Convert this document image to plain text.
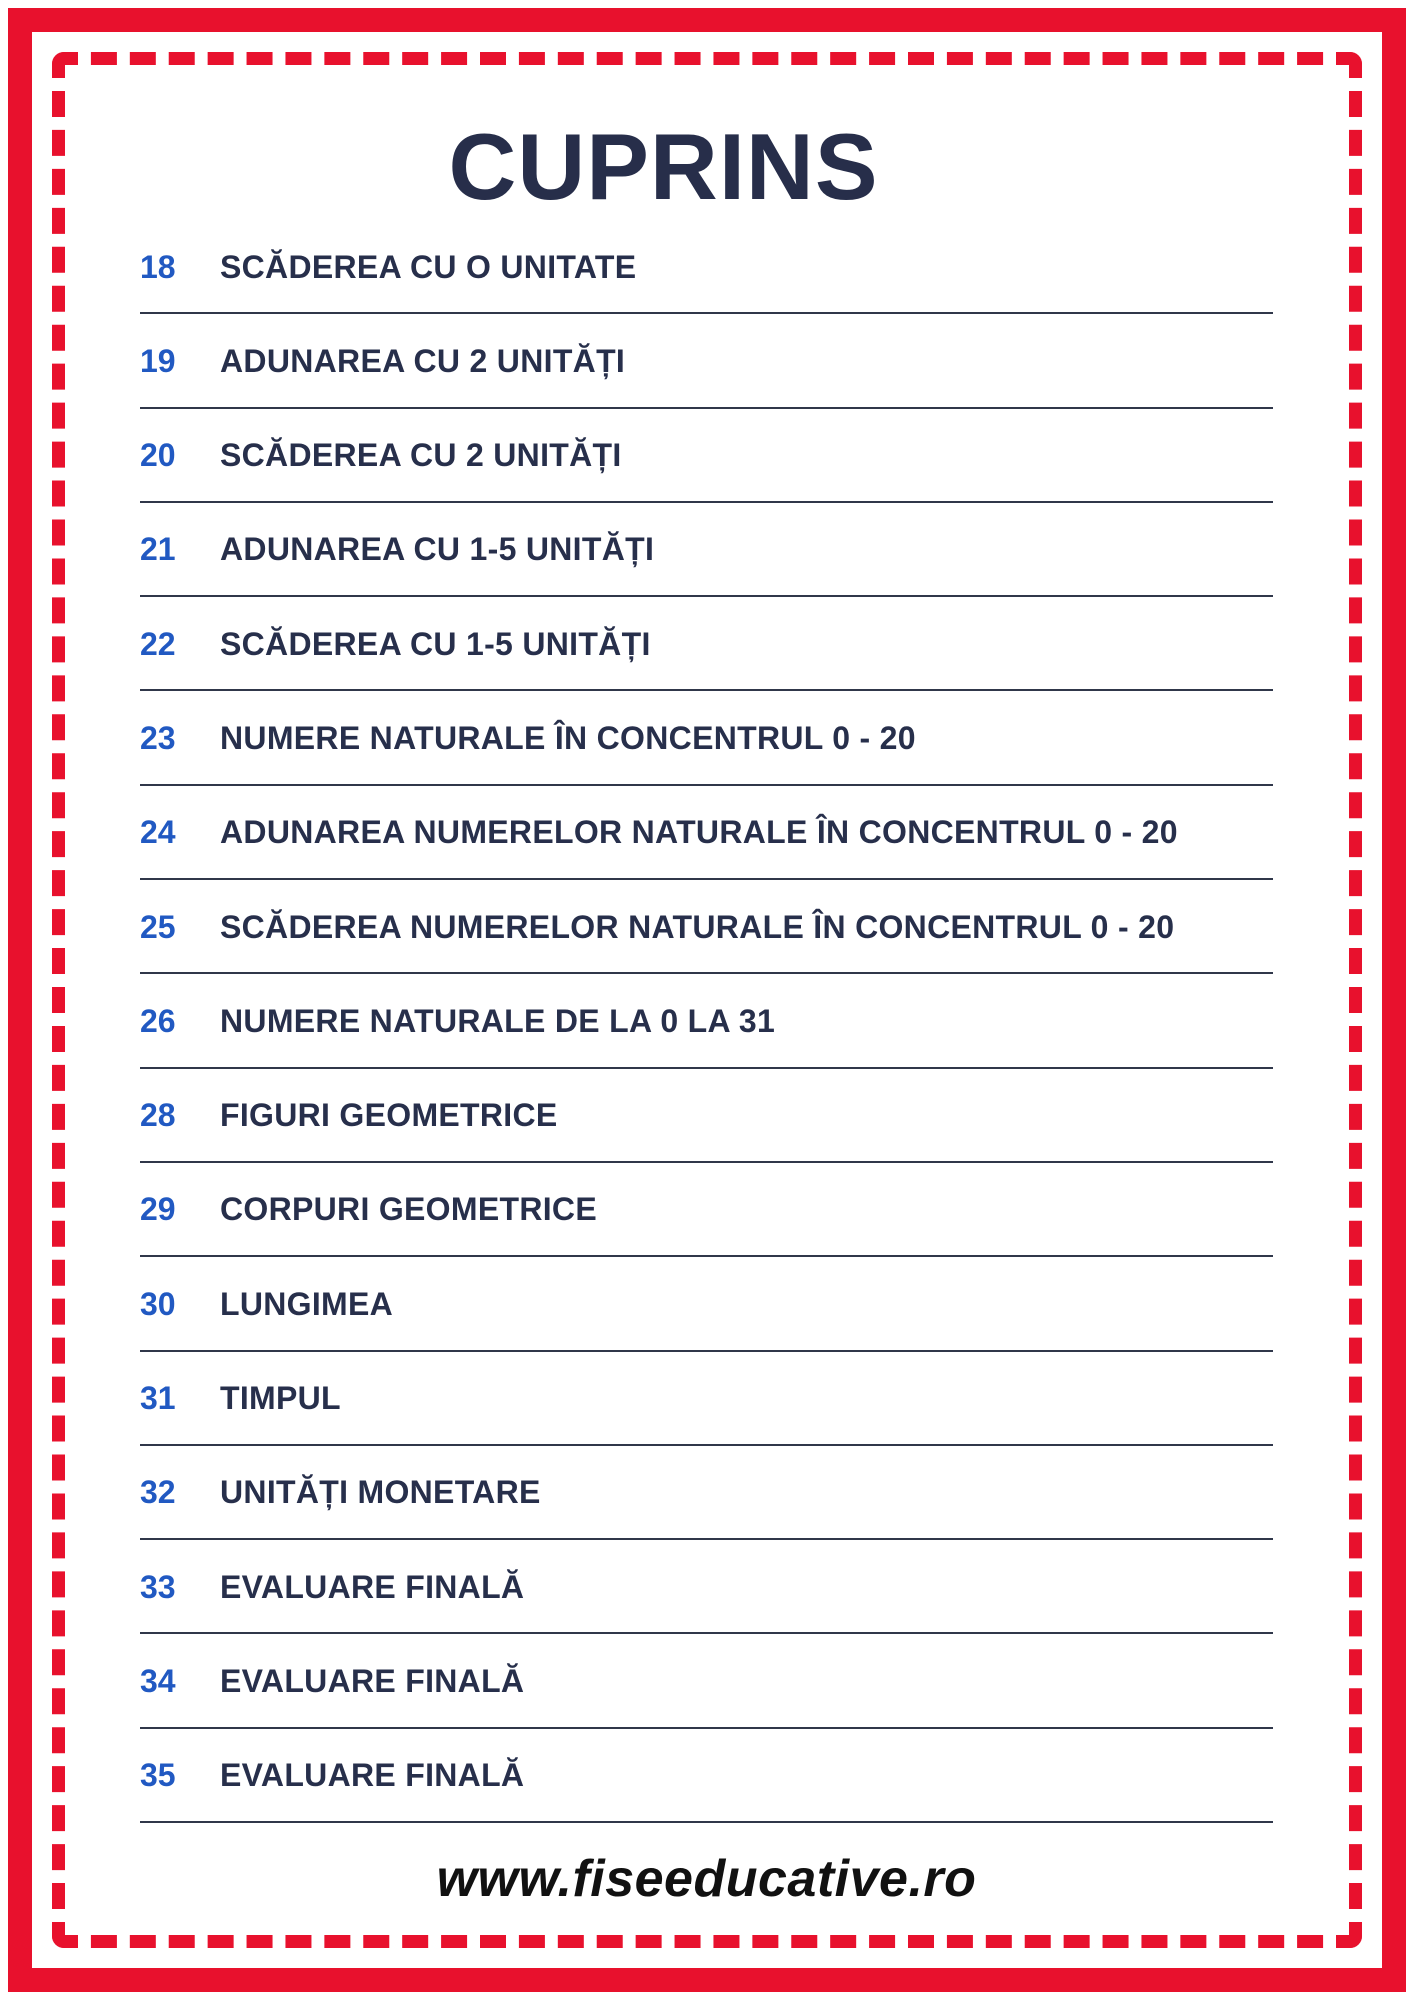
CUPRINS
18	SCĂDEREA CU O UNITATE
19	ADUNAREA CU 2 UNITĂȚI
20	SCĂDEREA CU 2 UNITĂȚI
21	ADUNAREA CU 1-5 UNITĂȚI
22	SCĂDEREA CU 1-5 UNITĂȚI
23	NUMERE NATURALE ÎN CONCENTRUL 0 - 20
24	ADUNAREA NUMERELOR NATURALE ÎN CONCENTRUL 0 - 20
25	SCĂDEREA NUMERELOR NATURALE ÎN CONCENTRUL 0 - 20
26	NUMERE NATURALE DE LA 0 LA 31
28	FIGURI GEOMETRICE
29	CORPURI GEOMETRICE
30	LUNGIMEA
31	TIMPUL
32	UNITĂȚI MONETARE
33	EVALUARE FINALĂ
34	EVALUARE FINALĂ
35	EVALUARE FINALĂ
www.fiseeducative.ro
